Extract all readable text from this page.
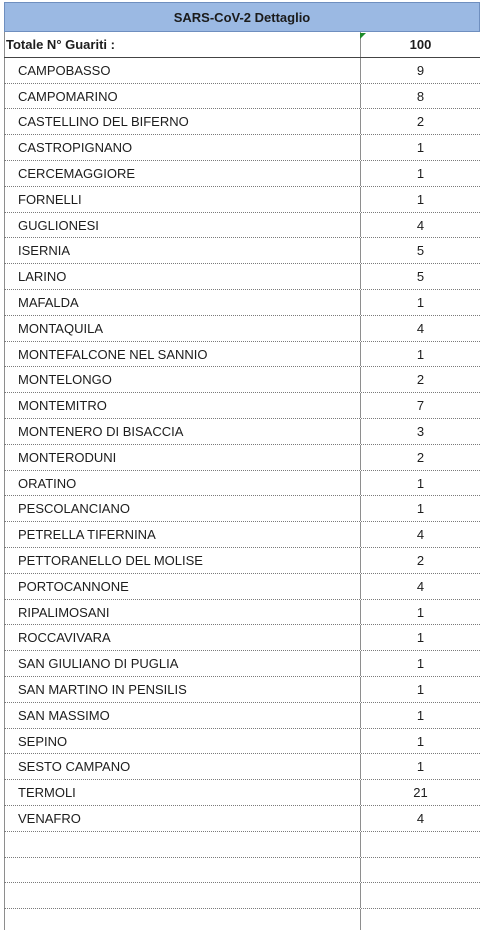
SARS-CoV-2 Dettaglio
Totale N° Guariti :	100
CAMPOBASSO	9
CAMPOMARINO	8
CASTELLINO DEL BIFERNO	2
CASTROPIGNANO	1
CERCEMAGGIORE	1
FORNELLI	1
GUGLIONESI	4
ISERNIA	5
LARINO	5
MAFALDA	1
MONTAQUILA	4
MONTEFALCONE NEL SANNIO	1
MONTELONGO	2
MONTEMITRO	7
MONTENERO DI BISACCIA	3
MONTERODUNI	2
ORATINO	1
PESCOLANCIANO	1
PETRELLA TIFERNINA	4
PETTORANELLO DEL MOLISE	2
PORTOCANNONE	4
RIPALIMOSANI	1
ROCCAVIVARA	1
SAN GIULIANO DI PUGLIA	1
SAN MARTINO IN PENSILIS	1
SAN MASSIMO	1
SEPINO	1
SESTO CAMPANO	1
TERMOLI	21
VENAFRO	4
